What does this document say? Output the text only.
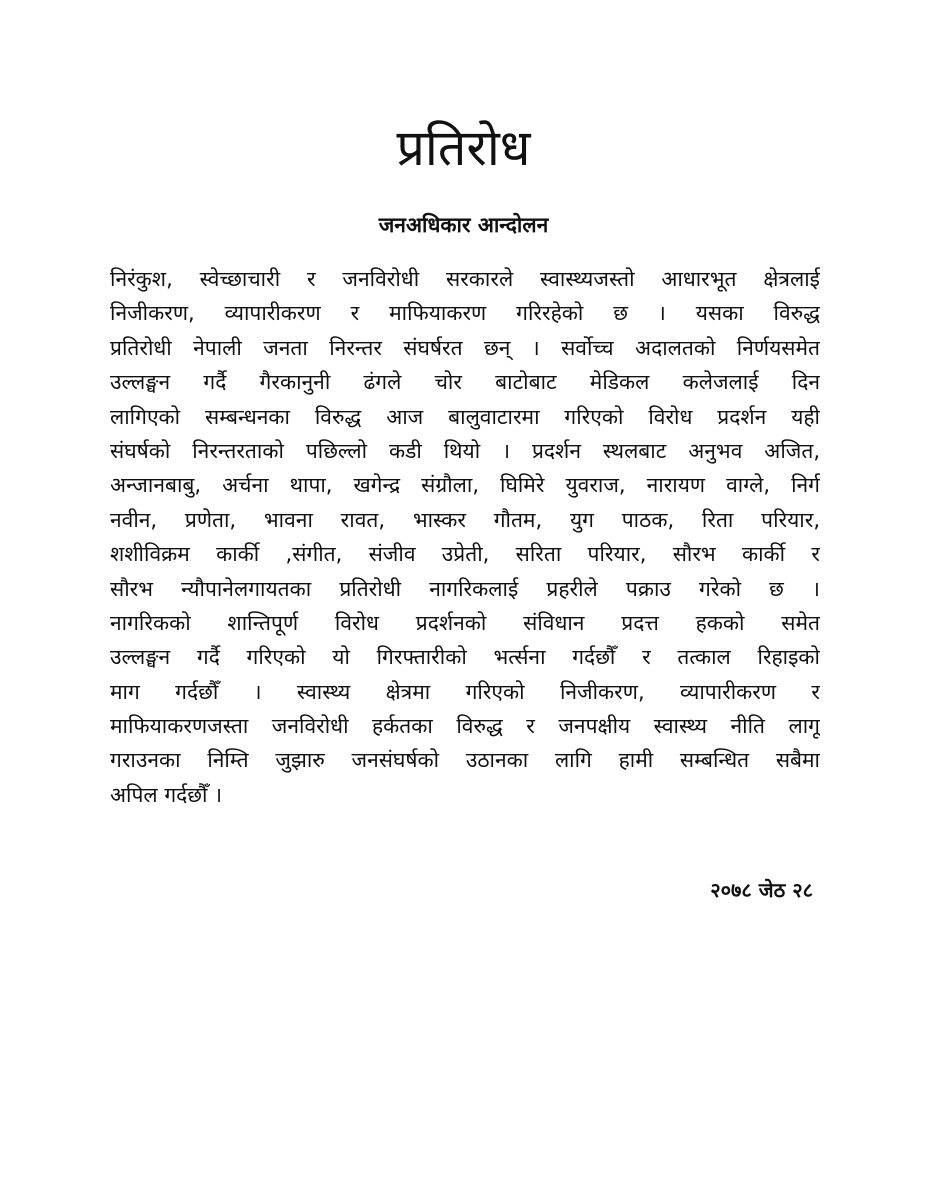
प्रतिरोध
जनअधिकार आन्दोलन
निरंकुश, स्वेच्छाचारी र जनविरोधी सरकारले स्वास्थ्यजस्तो आधारभूत क्षेत्रलाई
निजीकरण, व्यापारीकरण र माफियाकरण गरिरहेको छ । यसका विरुद्ध
प्रतिरोधी नेपाली जनता निरन्तर संघर्षरत छन् । सर्वोच्च अदालतको निर्णयसमेत
उल्लङ्घन गर्दै गैरकानुनी ढंगले चोर बाटोबाट मेडिकल कलेजलाई दिन
लागिएको सम्बन्धनका विरुद्ध आज बालुवाटारमा गरिएको विरोध प्रदर्शन यही
संघर्षको निरन्तरताको पछिल्लो कडी थियो । प्रदर्शन स्थलबाट अनुभव अजित,
अन्जानबाबु, अर्चना थापा, खगेन्द्र संग्रौला, घिमिरे युवराज, नारायण वाग्ले, निर्ग
नवीन, प्रणेता, भावना रावत, भास्कर गौतम, युग पाठक, रिता परियार,
शशीविक्रम कार्की ,संगीत, संजीव उप्रेती, सरिता परियार, सौरभ कार्की र
सौरभ न्यौपानेलगायतका प्रतिरोधी नागरिकलाई प्रहरीले पक्राउ गरेको छ ।
नागरिकको शान्तिपूर्ण विरोध प्रदर्शनको संविधान प्रदत्त हकको समेत
उल्लङ्घन गर्दै गरिएको यो गिरफ्तारीको भर्त्सना गर्दछौँ र तत्काल रिहाइको
माग गर्दछौँ । स्वास्थ्य क्षेत्रमा गरिएको निजीकरण, व्यापारीकरण र
माफियाकरणजस्ता जनविरोधी हर्कतका विरुद्ध र जनपक्षीय स्वास्थ्य नीति लागू
गराउनका निम्ति जुझारु जनसंघर्षको उठानका लागि हामी सम्बन्धित सबैमा
अपिल गर्दछौँ ।
२०७८ जेठ २८
